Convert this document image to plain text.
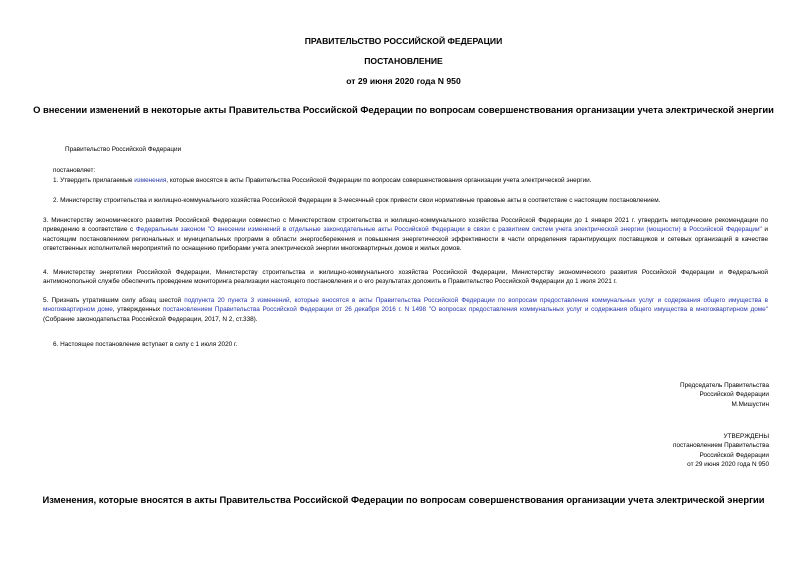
ПРАВИТЕЛЬСТВО РОССИЙСКОЙ ФЕДЕРАЦИИ
ПОСТАНОВЛЕНИЕ
от 29 июня 2020 года N 950
О внесении изменений в некоторые акты Правительства Российской Федерации по вопросам совершенствования организации учета электрической энергии
Правительство Российской Федерации
постановляет:
1. Утвердить прилагаемые изменения, которые вносятся в акты Правительства Российской Федерации по вопросам совершенствования организации учета электрической энергии.
2. Министерству строительства и жилищно-коммунального хозяйства Российской Федерации в 3-месячный срок привести свои нормативные правовые акты в соответствие с настоящим постановлением.
3. Министерству экономического развития Российской Федерации совместно с Министерством строительства и жилищно-коммунального хозяйства Российской Федерации до 1 января 2021 г. утвердить методические рекомендации по приведению в соответствие с Федеральным законом "О внесении изменений в отдельные законодательные акты Российской Федерации в связи с развитием систем учета электрической энергии (мощности) в Российской Федерации" и настоящим постановлением региональных и муниципальных программ в области энергосбережения и повышения энергетической эффективности в части определения гарантирующих поставщиков и сетевых организаций в качестве ответственных исполнителей мероприятий по оснащению приборами учета электрической энергии многоквартирных домов и жилых домов.
4. Министерству энергетики Российской Федерации, Министерству строительства и жилищно-коммунального хозяйства Российской Федерации, Министерству экономического развития Российской Федерации и Федеральной антимонопольной службе обеспечить проведение мониторинга реализации настоящего постановления и о его результатах доложить в Правительство Российской Федерации до 1 июля 2021 г.
5. Признать утратившим силу абзац шестой подпункта 20 пункта 3 изменений, которые вносятся в акты Правительства Российской Федерации по вопросам предоставления коммунальных услуг и содержания общего имущества в многоквартирном доме, утвержденных постановлением Правительства Российской Федерации от 26 декабря 2016 г. N 1498 "О вопросах предоставления коммунальных услуг и содержания общего имущества в многоквартирном доме" (Собрание законодательства Российской Федерации, 2017, N 2, ст.338).
6. Настоящее постановление вступает в силу с 1 июля 2020 г.
Председатель Правительства
Российской Федерации
М.Мишустин
УТВЕРЖДЕНЫ
постановлением Правительства
Российской Федерации
от 29 июня 2020 года N 950
Изменения, которые вносятся в акты Правительства Российской Федерации по вопросам совершенствования организации учета электрической энергии
